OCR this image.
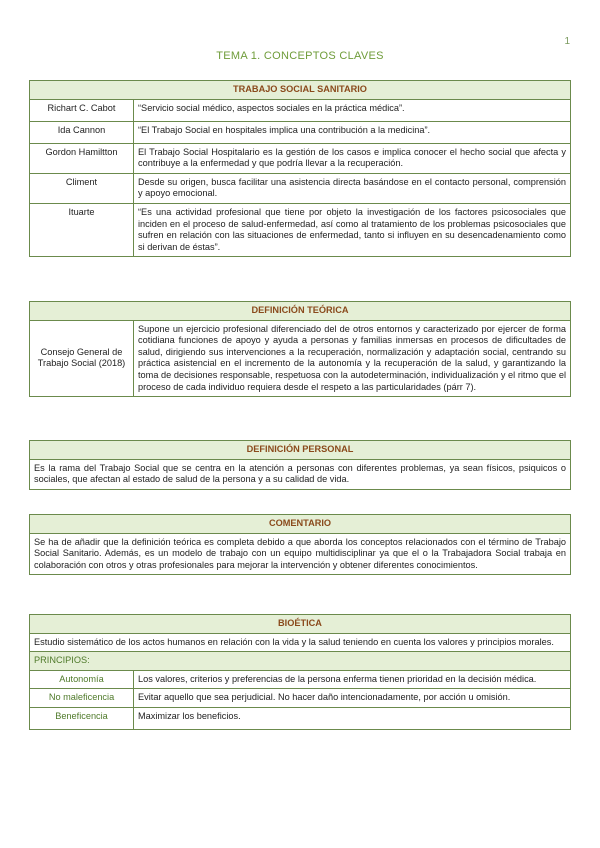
1
TEMA 1. CONCEPTOS CLAVES
TRABAJO SOCIAL SANITARIO	
Richart C. Cabot	“Servicio social médico, aspectos sociales en la práctica médica”.
Ida Cannon	“El Trabajo Social en hospitales implica una contribución a la medicina”.
Gordon Hamiltton	El Trabajo Social Hospitalario es la gestión de los casos e implica conocer el hecho social que afecta y contribuye a la enfermedad y que podría llevar a la recuperación.
Climent	Desde su origen, busca facilitar una asistencia directa basándose en el contacto personal, comprensión y apoyo emocional.
Ituarte	“Es una actividad profesional que tiene por objeto la investigación de los factores psicosociales que inciden en el proceso de salud-enfermedad, así como al tratamiento de los problemas psicosociales que sufren en relación con las situaciones de enfermedad, tanto si influyen en su desencadenamiento como si derivan de éstas”.
DEFINICIÓN TEÓRICA
Consejo General de Trabajo Social (2018)	Supone un ejercicio profesional diferenciado del de otros entornos y caracterizado por ejercer de forma cotidiana funciones de apoyo y ayuda a personas y familias inmersas en procesos de dificultades de salud, dirigiendo sus intervenciones a la recuperación, normalización y adaptación social, centrando su práctica asistencial en el incremento de la autonomía y la recuperación de la salud, y garantizando la toma de decisiones responsable, respetuosa con la autodeterminación, individualización y el ritmo que el proceso de cada individuo requiera desde el respeto a las particularidades (párr 7).
DEFINICIÓN PERSONAL
Es la rama del Trabajo Social que se centra en la atención a personas con diferentes problemas, ya sean físicos, psiquicos o sociales, que afectan al estado de salud de la persona y a su calidad de vida.
COMENTARIO
Se ha de añadir que la definición teórica es completa debido a que aborda los conceptos relacionados con el término de Trabajo Social Sanitario. Además, es un modelo de trabajo con un equipo multidisciplinar ya que el o la Trabajadora Social trabaja en colaboración con otros y otras profesionales para mejorar la intervención y obtener diferentes conocimientos.
BIOÉTICA	
Estudio sistemático de los actos humanos en relación con la vida y la salud teniendo en cuenta los valores y principios morales.	
PRINCIPIOS:	
Autonomía	Los valores, criterios y preferencias de la persona enferma tienen prioridad en la decisión médica.
No maleficencia	Evitar aquello que sea perjudicial. No hacer daño intencionadamente, por acción u omisión.
Beneficencia	Maximizar los beneficios.
